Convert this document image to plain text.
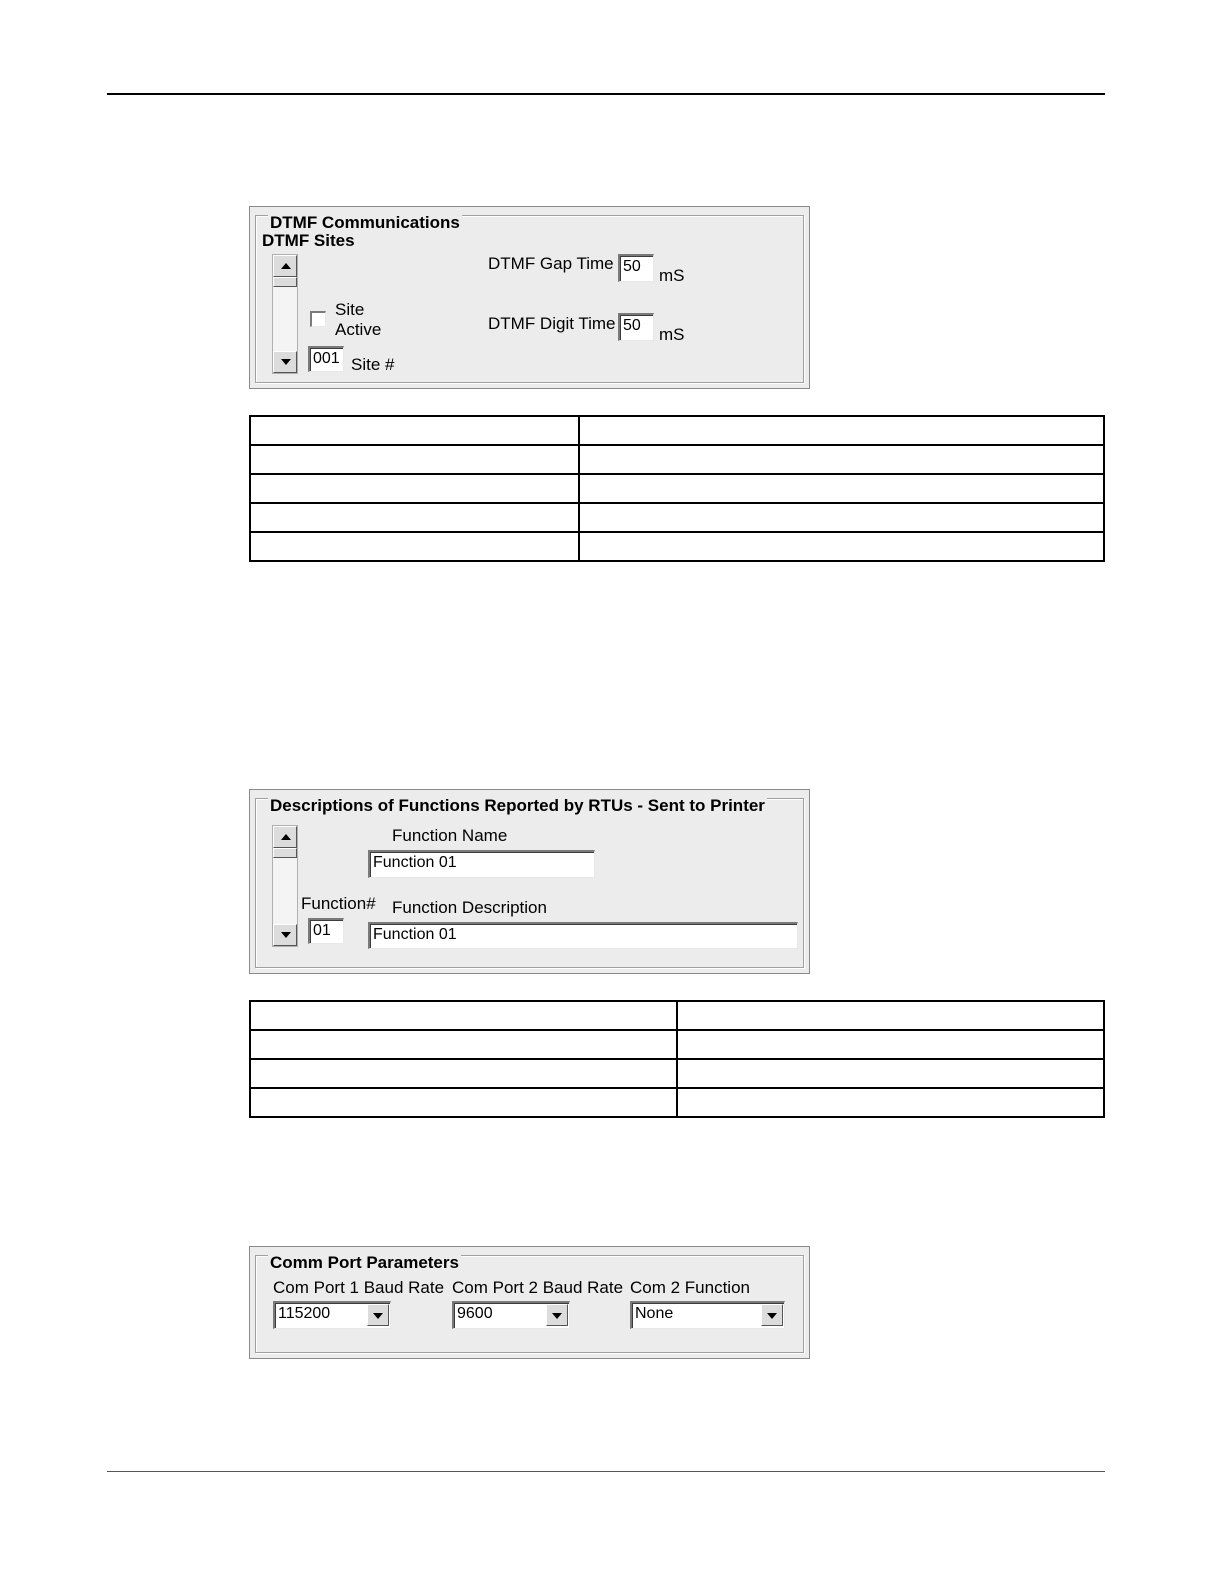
DTMF Communications
DTMF Sites
Site
Active
001 Site #
DTMF Gap Time 50	mS
DTMF Digit Time 50	mS

Descriptions of Functions Reported by RTUs - Sent to Printer
Function Name
Function 01
Function#
01
Function Description
Function 01

Comm Port Parameters
Com Port 1 Baud Rate
115200
Com Port 2 Baud Rate
9600
Com 2 Function
None
